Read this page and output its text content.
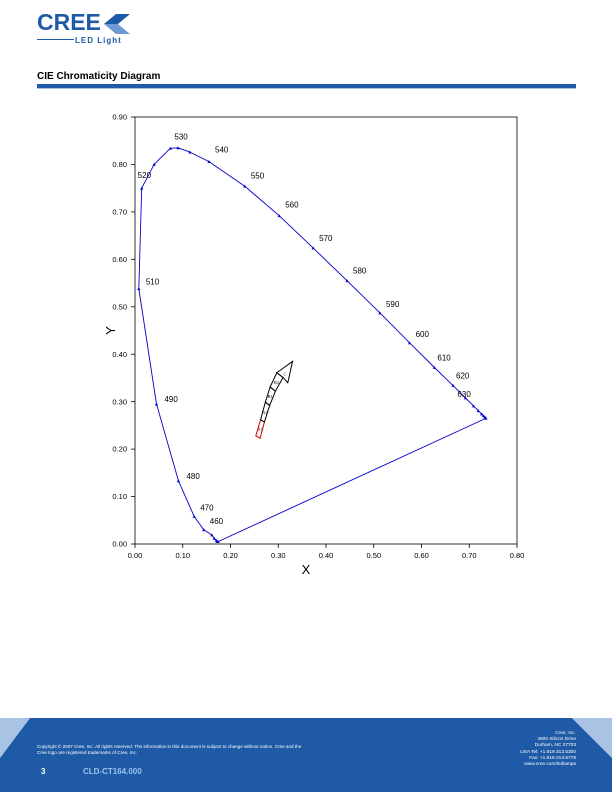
CREE
LED Light
CIE Chromaticity Diagram
0.00	0.10	0.20	0.30	0.40	0.50	0.60	0.70	0.80
0.00
0.10
0.20
0.30
0.40
0.50
0.60
0.70
0.80
0.90
A1
A2
B1
B2
C
460
470
480
490
510
520
530
540
550
560
570
580
590
600
610
620
630
X
Y
Copyright © 2007 Cree, Inc. All rights reserved. The information in this document is subject to change without notice. Cree and the
Cree logo are registered trademarks of Cree, Inc.
3	CLD-CT164.000
Cree, Inc.
4600 Silicon Drive
Durham, NC 27703
USA Tel: +1.919.313.5300
Fax: +1.919.313.5778
www.cree.com/ledlamps
